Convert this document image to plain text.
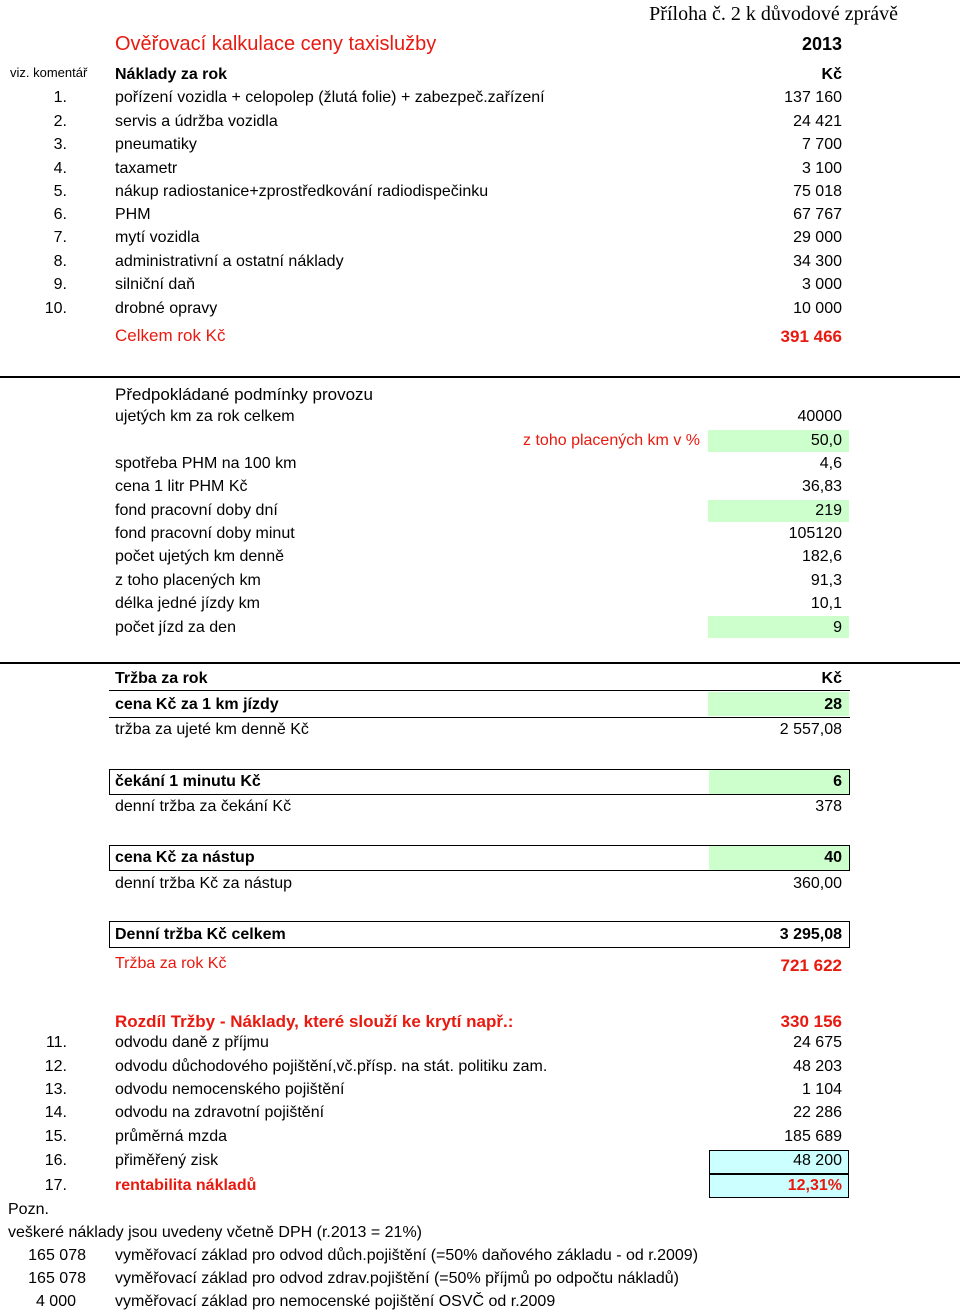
Příloha č. 2 k důvodové zprávě
Ověřovací kalkulace ceny taxislužby	2013
viz. komentář Náklady za rok	Kč
1.	pořízení vozidla + celopolep (žlutá folie) + zabezpeč.zařízení	137 160
2.	servis a údržba vozidla	24 421
3.	pneumatiky	7 700
4.	taxametr	3 100
5.	nákup radiostanice+zprostředkování radiodispečinku	75 018
6.	PHM	67 767
7.	mytí vozidla	29 000
8.	administrativní a ostatní náklady	34 300
9.	silniční daň	3 000
10.	drobné opravy	10 000
Celkem rok Kč	391 466
Předpokládané podmínky provozu
ujetých km za rok celkem	40000
z toho placených km v %	50,0
spotřeba PHM na 100 km	4,6
cena 1 litr PHM Kč	36,83
fond pracovní doby dní	219
fond pracovní doby minut	105120
počet ujetých km denně	182,6
z toho placených km	91,3
délka jedné jízdy km	10,1
počet jízd za den	9
Tržba za rok	Kč
cena Kč za 1 km jízdy	28
tržba za ujeté km denně Kč	2 557,08
čekání 1 minutu Kč	6
denní tržba za čekání Kč	378
cena Kč za nástup	40
denní tržba Kč za nástup	360,00
Denní tržba Kč celkem	3 295,08
Tržba za rok Kč	721 622
Rozdíl Tržby - Náklady, které slouží ke krytí např.:	330 156
11.	odvodu daně z příjmu	24 675
12.	odvodu důchodového pojištění,vč.přísp. na stát. politiku zam.	48 203
13.	odvodu nemocenského pojištění	1 104
14.	odvodu na zdravotní pojištění	22 286
15.	průměrná mzda	185 689
16.	přiměřený zisk	48 200
17.	rentabilita nákladů	12,31%
Pozn.
veškeré náklady jsou uvedeny včetně DPH (r.2013 = 21%)
165 078 vyměřovací základ pro odvod důch.pojištění (=50% daňového základu - od r.2009)
165 078 vyměřovací základ pro odvod zdrav.pojištění (=50% příjmů po odpočtu nákladů)
4 000 vyměřovací základ pro nemocenské pojištění OSVČ od r.2009
